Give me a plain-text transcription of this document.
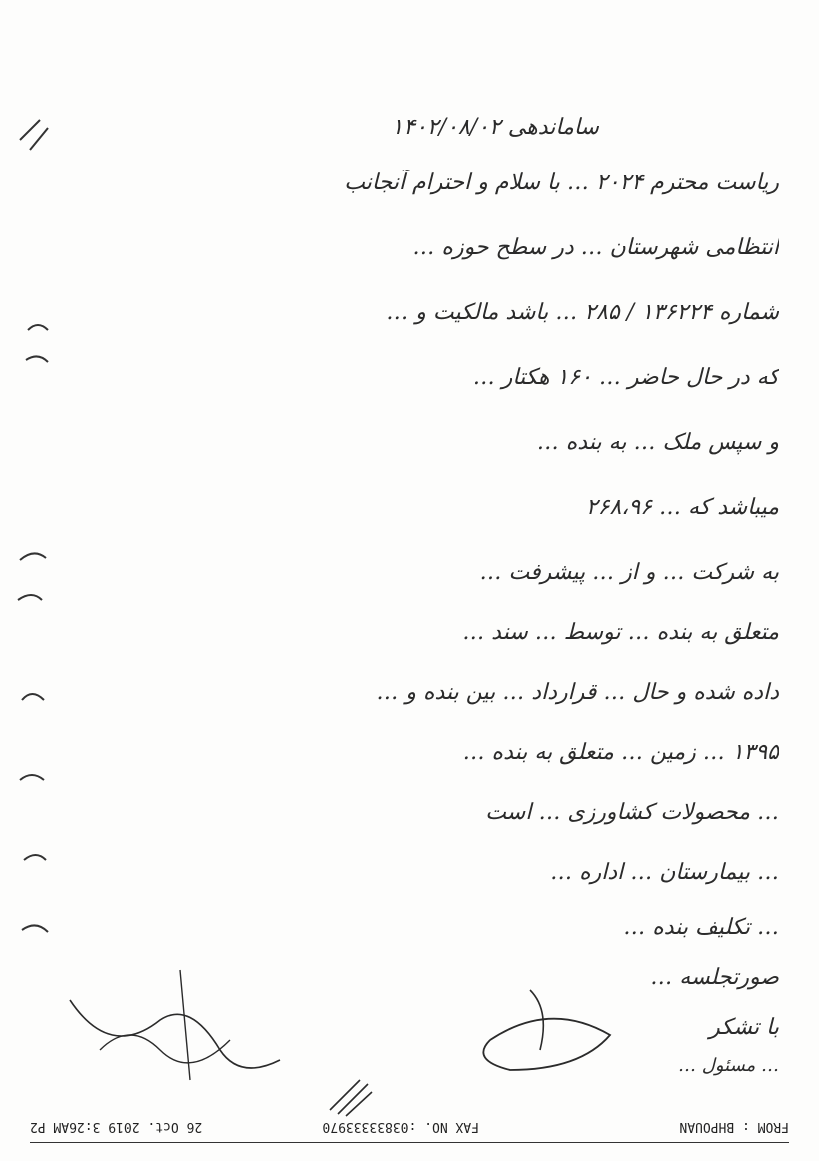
ساماندهی ۱۴۰۲/۰۸/۰۲
ریاست محترم ۲۰۲۴ … با سلام و احترام آنجانب
انتظامی شهرستان … در سطح حوزه …
شماره ۱۳۶۲۲۴ / ۲۸۵ … باشد مالکیت و …
که در حال حاضر … ۱۶۰ هکتار …
و سپس ملک … به بنده …
میباشد که … ۲۶۸،۹۶
به شرکت … و از … پیشرفت …
متعلق به بنده … توسط … سند …
داده شده و حال … قرارداد … بین بنده و …
۱۳۹۵ … زمین … متعلق به بنده …
… محصولات کشاورزی … است
… بیمارستان … اداره …
… تکلیف بنده …
صورتجلسه …
با تشکر
… مسئول …
FROM : BHPOUAN
FAX NO. :03833333970
26 Oct. 2019 3:26AM P2
